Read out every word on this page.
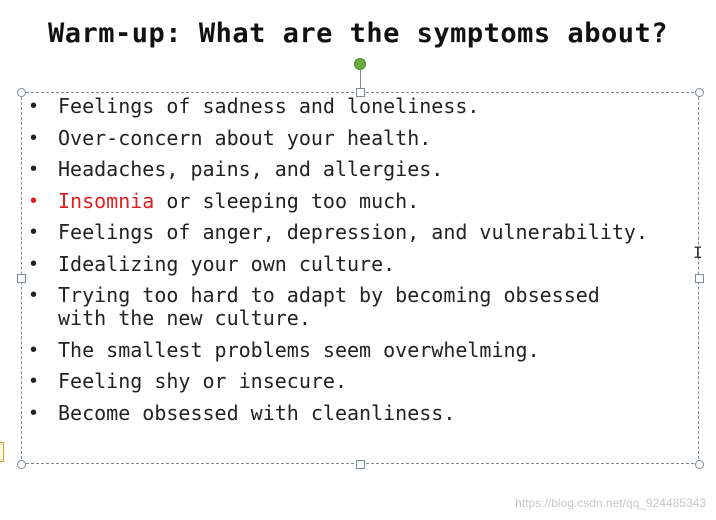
Warm-up: What are the symptoms about?
• Feelings of sadness and loneliness.
• Over-concern about your health.
• Headaches, pains, and allergies.
• Insomnia or sleeping too much.
• Feelings of anger, depression, and vulnerability.
• Idealizing your own culture.
• Trying too hard to adapt by becoming obsessed with the new culture.
• The smallest problems seem overwhelming.
• Feeling shy or insecure.
• Become obsessed with cleanliness.
I
https://blog.csdn.net/qq_924485343
